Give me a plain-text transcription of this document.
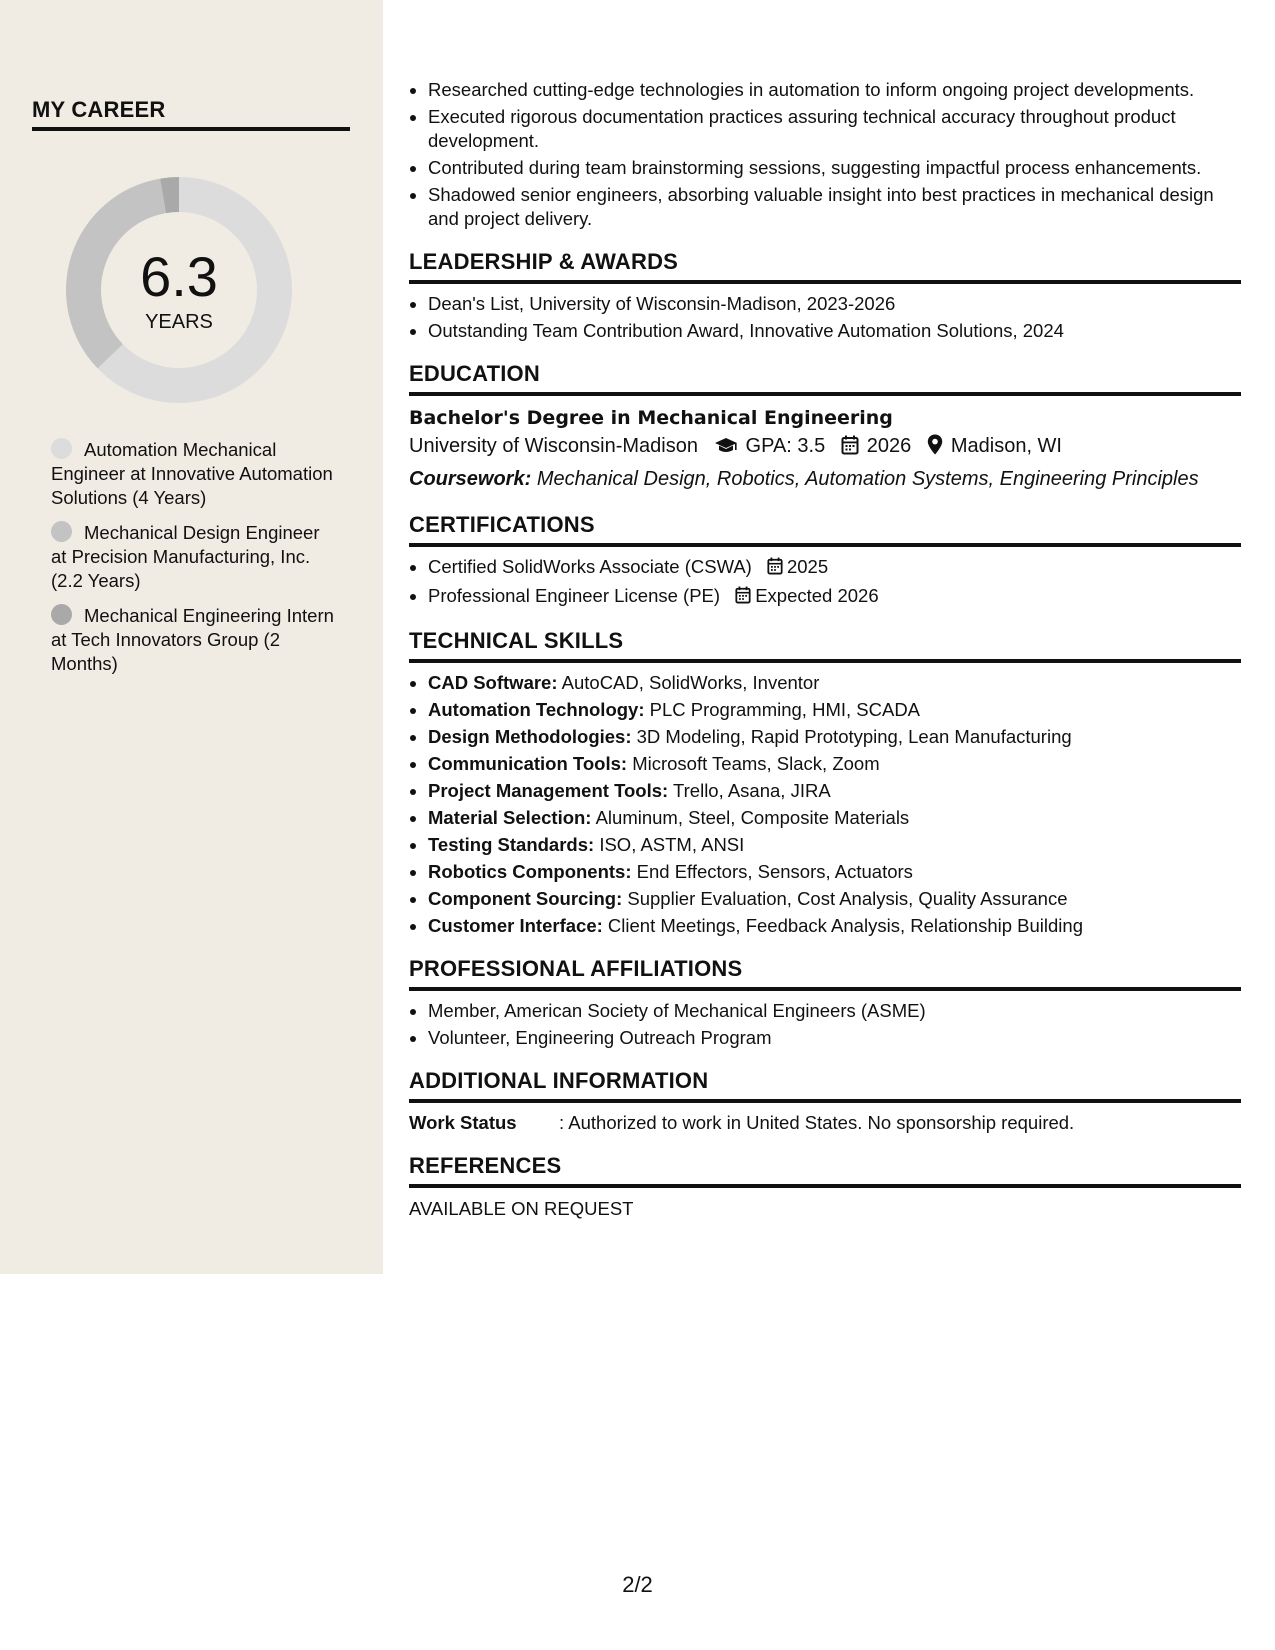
MY CAREER
6.3
YEARS
Automation Mechanical Engineer at Innovative Automation Solutions (4 Years)
Mechanical Design Engineer at Precision Manufacturing, Inc. (2.2 Years)
Mechanical Engineering Intern at Tech Innovators Group (2 Months)
• Researched cutting-edge technologies in automation to inform ongoing project developments.
• Executed rigorous documentation practices assuring technical accuracy throughout product development.
• Contributed during team brainstorming sessions, suggesting impactful process enhancements.
• Shadowed senior engineers, absorbing valuable insight into best practices in mechanical design and project delivery.
LEADERSHIP & AWARDS
• Dean's List, University of Wisconsin-Madison, 2023-2026
• Outstanding Team Contribution Award, Innovative Automation Solutions, 2024
EDUCATION
Bachelor's Degree in Mechanical Engineering
University of Wisconsin-Madison GPA: 3.5 2026 Madison, WI
Coursework: Mechanical Design, Robotics, Automation Systems, Engineering Principles
CERTIFICATIONS
• Certified SolidWorks Associate (CSWA) 2025
• Professional Engineer License (PE) Expected 2026
TECHNICAL SKILLS
• CAD Software: AutoCAD, SolidWorks, Inventor
• Automation Technology: PLC Programming, HMI, SCADA
• Design Methodologies: 3D Modeling, Rapid Prototyping, Lean Manufacturing
• Communication Tools: Microsoft Teams, Slack, Zoom
• Project Management Tools: Trello, Asana, JIRA
• Material Selection: Aluminum, Steel, Composite Materials
• Testing Standards: ISO, ASTM, ANSI
• Robotics Components: End Effectors, Sensors, Actuators
• Component Sourcing: Supplier Evaluation, Cost Analysis, Quality Assurance
• Customer Interface: Client Meetings, Feedback Analysis, Relationship Building
PROFESSIONAL AFFILIATIONS
• Member, American Society of Mechanical Engineers (ASME)
• Volunteer, Engineering Outreach Program
ADDITIONAL INFORMATION
Work Status : Authorized to work in United States. No sponsorship required.
REFERENCES
AVAILABLE ON REQUEST
2/2
